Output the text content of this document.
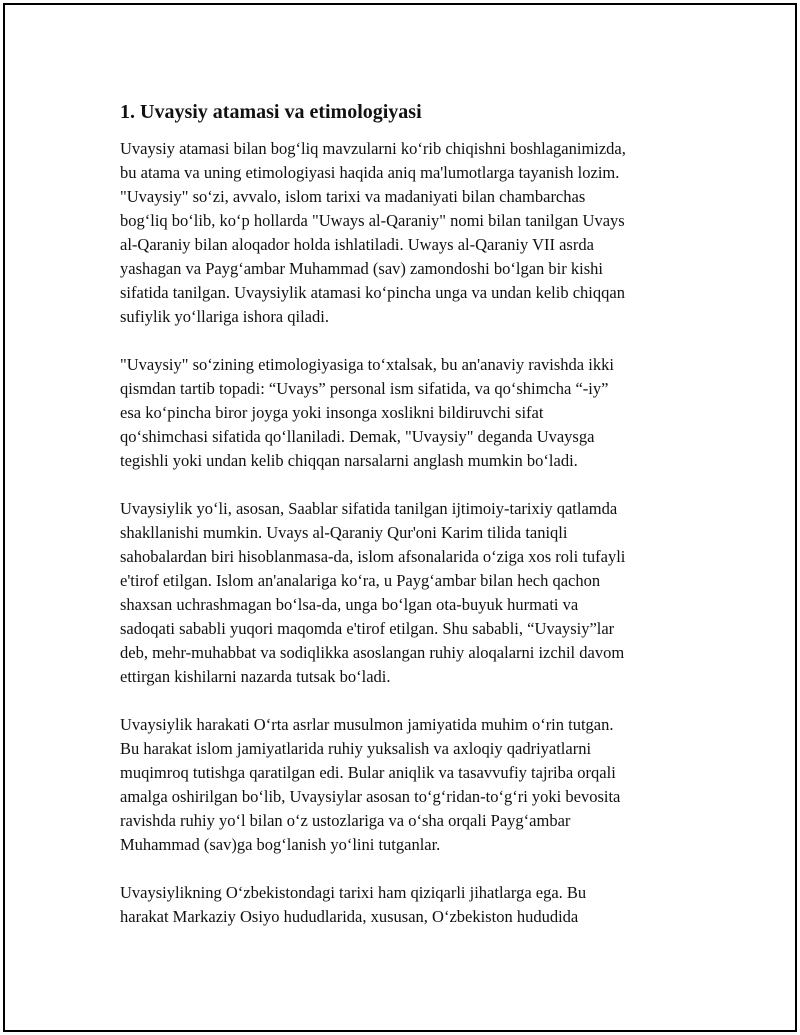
1. Uvaysiy atamasi va etimologiyasi
Uvaysiy atamasi bilan bog‘liq mavzularni ko‘rib chiqishni boshlaganimizda,
bu atama va uning etimologiyasi haqida aniq ma'lumotlarga tayanish lozim.
"Uvaysiy" so‘zi, avvalo, islom tarixi va madaniyati bilan chambarchas
bog‘liq bo‘lib, ko‘p hollarda "Uways al-Qaraniy" nomi bilan tanilgan Uvays
al-Qaraniy bilan aloqador holda ishlatiladi. Uways al-Qaraniy VII asrda
yashagan va Payg‘ambar Muhammad (sav) zamondoshi bo‘lgan bir kishi
sifatida tanilgan. Uvaysiylik atamasi ko‘pincha unga va undan kelib chiqqan
sufiylik yo‘llariga ishora qiladi.
"Uvaysiy" so‘zining etimologiyasiga to‘xtalsak, bu an'anaviy ravishda ikki
qismdan tartib topadi: “Uvays” personal ism sifatida, va qo‘shimcha “-iy”
esa ko‘pincha biror joyga yoki insonga xoslikni bildiruvchi sifat
qo‘shimchasi sifatida qo‘llaniladi. Demak, "Uvaysiy" deganda Uvaysga
tegishli yoki undan kelib chiqqan narsalarni anglash mumkin bo‘ladi.
Uvaysiylik yo‘li, asosan, Saablar sifatida tanilgan ijtimoiy-tarixiy qatlamda
shakllanishi mumkin. Uvays al-Qaraniy Qur'oni Karim tilida taniqli
sahobalardan biri hisoblanmasa-da, islom afsonalarida o‘ziga xos roli tufayli
e'tirof etilgan. Islom an'analariga ko‘ra, u Payg‘ambar bilan hech qachon
shaxsan uchrashmagan bo‘lsa-da, unga bo‘lgan ota-buyuk hurmati va
sadoqati sababli yuqori maqomda e'tirof etilgan. Shu sababli, “Uvaysiy”lar
deb, mehr-muhabbat va sodiqlikka asoslangan ruhiy aloqalarni izchil davom
ettirgan kishilarni nazarda tutsak bo‘ladi.
Uvaysiylik harakati O‘rta asrlar musulmon jamiyatida muhim o‘rin tutgan.
Bu harakat islom jamiyatlarida ruhiy yuksalish va axloqiy qadriyatlarni
muqimroq tutishga qaratilgan edi. Bular aniqlik va tasavvufiy tajriba orqali
amalga oshirilgan bo‘lib, Uvaysiylar asosan to‘g‘ridan-to‘g‘ri yoki bevosita
ravishda ruhiy yo‘l bilan o‘z ustozlariga va o‘sha orqali Payg‘ambar
Muhammad (sav)ga bog‘lanish yo‘lini tutganlar.
Uvaysiylikning O‘zbekistondagi tarixi ham qiziqarli jihatlarga ega. Bu
harakat Markaziy Osiyo hududlarida, xususan, O‘zbekiston hududida
